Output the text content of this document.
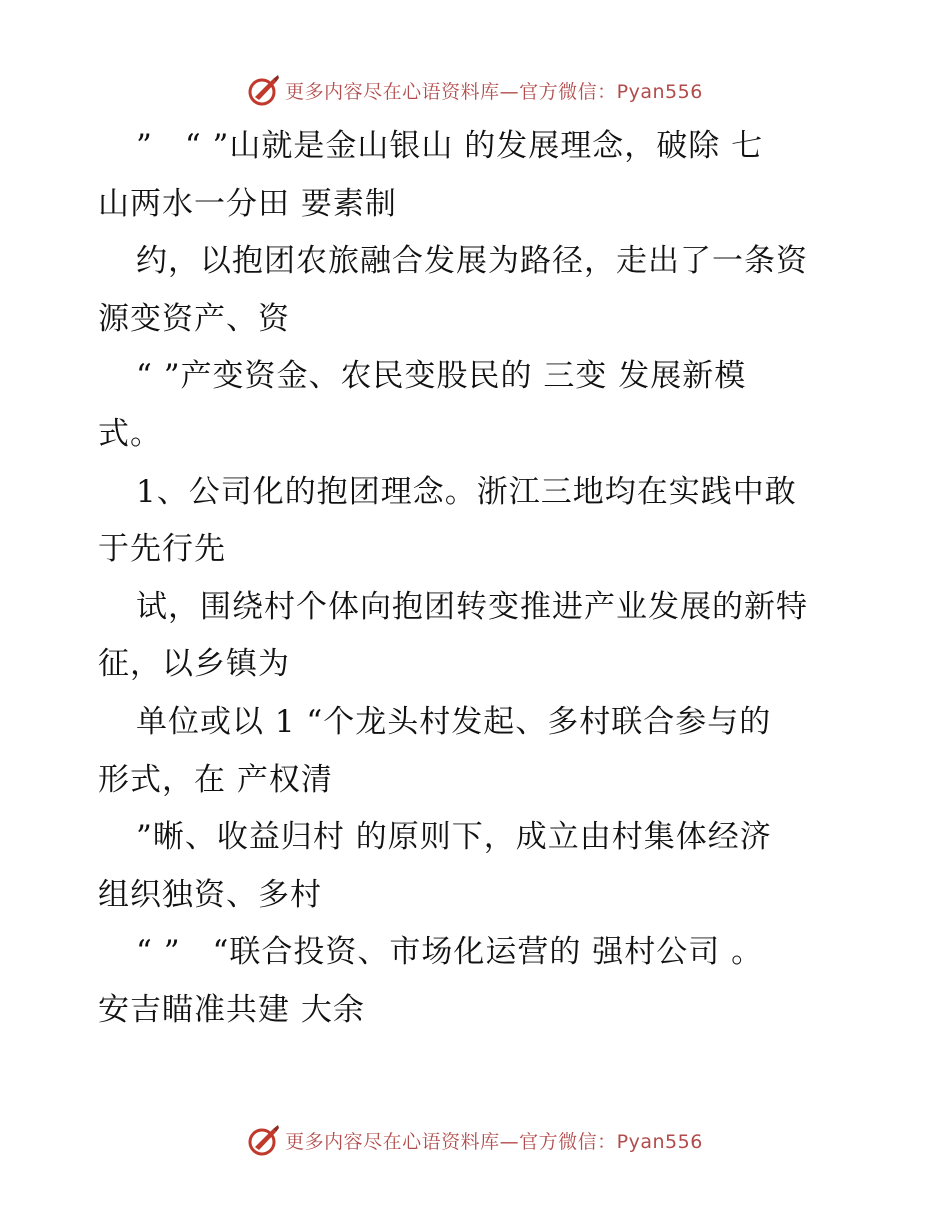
更多内容尽在心语资料库—官方微信：Pyan556
”　“ ”山就是金山银山 的发展理念，破除 七
山两水一分田 要素制
约，以抱团农旅融合发展为路径，走出了一条资
源变资产、资
“ ”产变资金、农民变股民的 三变 发展新模
式。
1、公司化的抱团理念。浙江三地均在实践中敢
于先行先
试，围绕村个体向抱团转变推进产业发展的新特
征，以乡镇为
单位或以 1 “个龙头村发起、多村联合参与的
形式，在 产权清
”晰、收益归村 的原则下，成立由村集体经济
组织独资、多村
“ ”　“联合投资、市场化运营的 强村公司 。
安吉瞄准共建 大余
更多内容尽在心语资料库—官方微信：Pyan556
